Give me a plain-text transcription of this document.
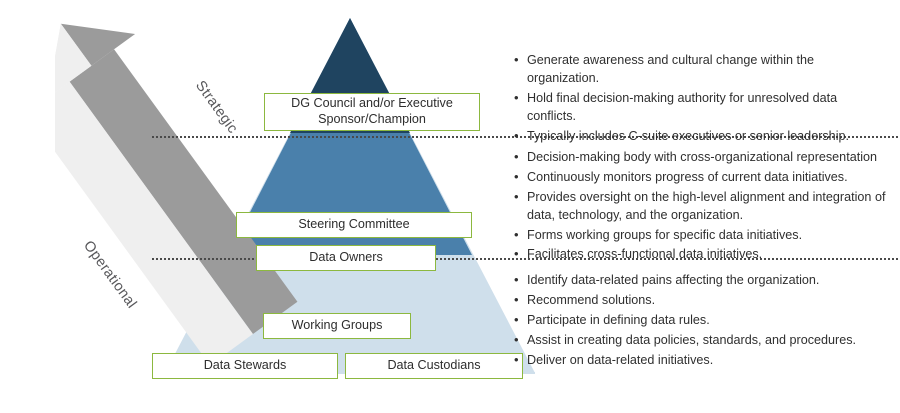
Strategic
Operational
DG Council and/or Executive Sponsor/Champion
Steering Committee
Data Owners
Working Groups
Data Stewards	Data Custodians
• Generate awareness and cultural change within the organization.
• Hold final decision-making authority for unresolved data conflicts.
• Typically includes C-suite executives or senior leadership.
• Decision-making body with cross-organizational representation
• Continuously monitors progress of current data initiatives.
• Provides oversight on the high-level alignment and integration of data, technology, and the organization.
• Forms working groups for specific data initiatives.
• Facilitates cross-functional data initiatives.
• Identify data-related pains affecting the organization.
• Recommend solutions.
• Participate in defining data rules.
• Assist in creating data policies, standards, and procedures.
• Deliver on data-related initiatives.
